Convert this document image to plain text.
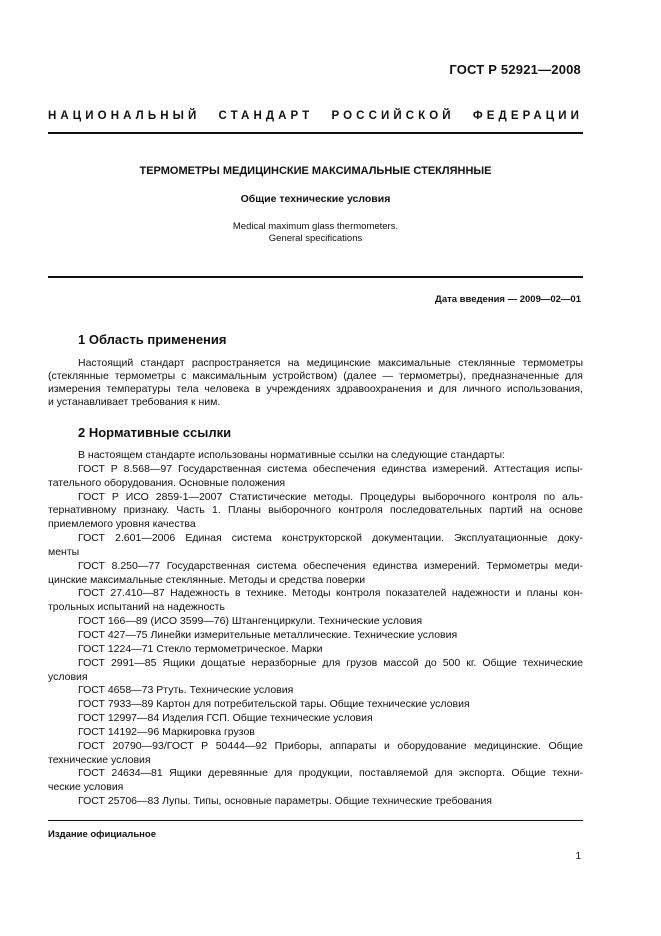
ГОСТ Р 52921—2008
НАЦИОНАЛЬНЫЙ СТАНДАРТ РОССИЙСКОЙ ФЕДЕРАЦИИ
ТЕРМОМЕТРЫ МЕДИЦИНСКИЕ МАКСИМАЛЬНЫЕ СТЕКЛЯННЫЕ
Общие технические условия
Medical maximum glass thermometers.
General specifications
Дата введения — 2009—02—01
1 Область применения
Настоящий стандарт распространяется на медицинские максимальные стеклянные термометры
(стеклянные термометры с максимальным устройством) (далее — термометры), предназначенные для
измерения температуры тела человека в учреждениях здравоохранения и для личного использования,
и устанавливает требования к ним.
2 Нормативные ссылки
В настоящем стандарте использованы нормативные ссылки на следующие стандарты:
ГОСТ Р 8.568—97 Государственная система обеспечения единства измерений. Аттестация испы-
тательного оборудования. Основные положения
ГОСТ Р ИСО 2859-1—2007 Статистические методы. Процедуры выборочного контроля по аль-
тернативному признаку. Часть 1. Планы выборочного контроля последовательных партий на основе
приемлемого уровня качества
ГОСТ 2.601—2006 Единая система конструкторской документации. Эксплуатационные доку-
менты
ГОСТ 8.250—77 Государственная система обеспечения единства измерений. Термометры меди-
цинские максимальные стеклянные. Методы и средства поверки
ГОСТ 27.410—87 Надежность в технике. Методы контроля показателей надежности и планы кон-
трольных испытаний на надежность
ГОСТ 166—89 (ИСО 3599—76) Штангенциркули. Технические условия
ГОСТ 427—75 Линейки измерительные металлические. Технические условия
ГОСТ 1224—71 Стекло термометрическое. Марки
ГОСТ 2991—85 Ящики дощатые неразборные для грузов массой до 500 кг. Общие технические
условия
ГОСТ 4658—73 Ртуть. Технические условия
ГОСТ 7933—89 Картон для потребительской тары. Общие технические условия
ГОСТ 12997—84 Изделия ГСП. Общие технические условия
ГОСТ 14192—96 Маркировка грузов
ГОСТ 20790—93/ГОСТ Р 50444—92 Приборы, аппараты и оборудование медицинские. Общие
технические условия
ГОСТ 24634—81 Ящики деревянные для продукции, поставляемой для экспорта. Общие техни-
ческие условия
ГОСТ 25706—83 Лупы. Типы, основные параметры. Общие технические требования
Издание официальное
1
